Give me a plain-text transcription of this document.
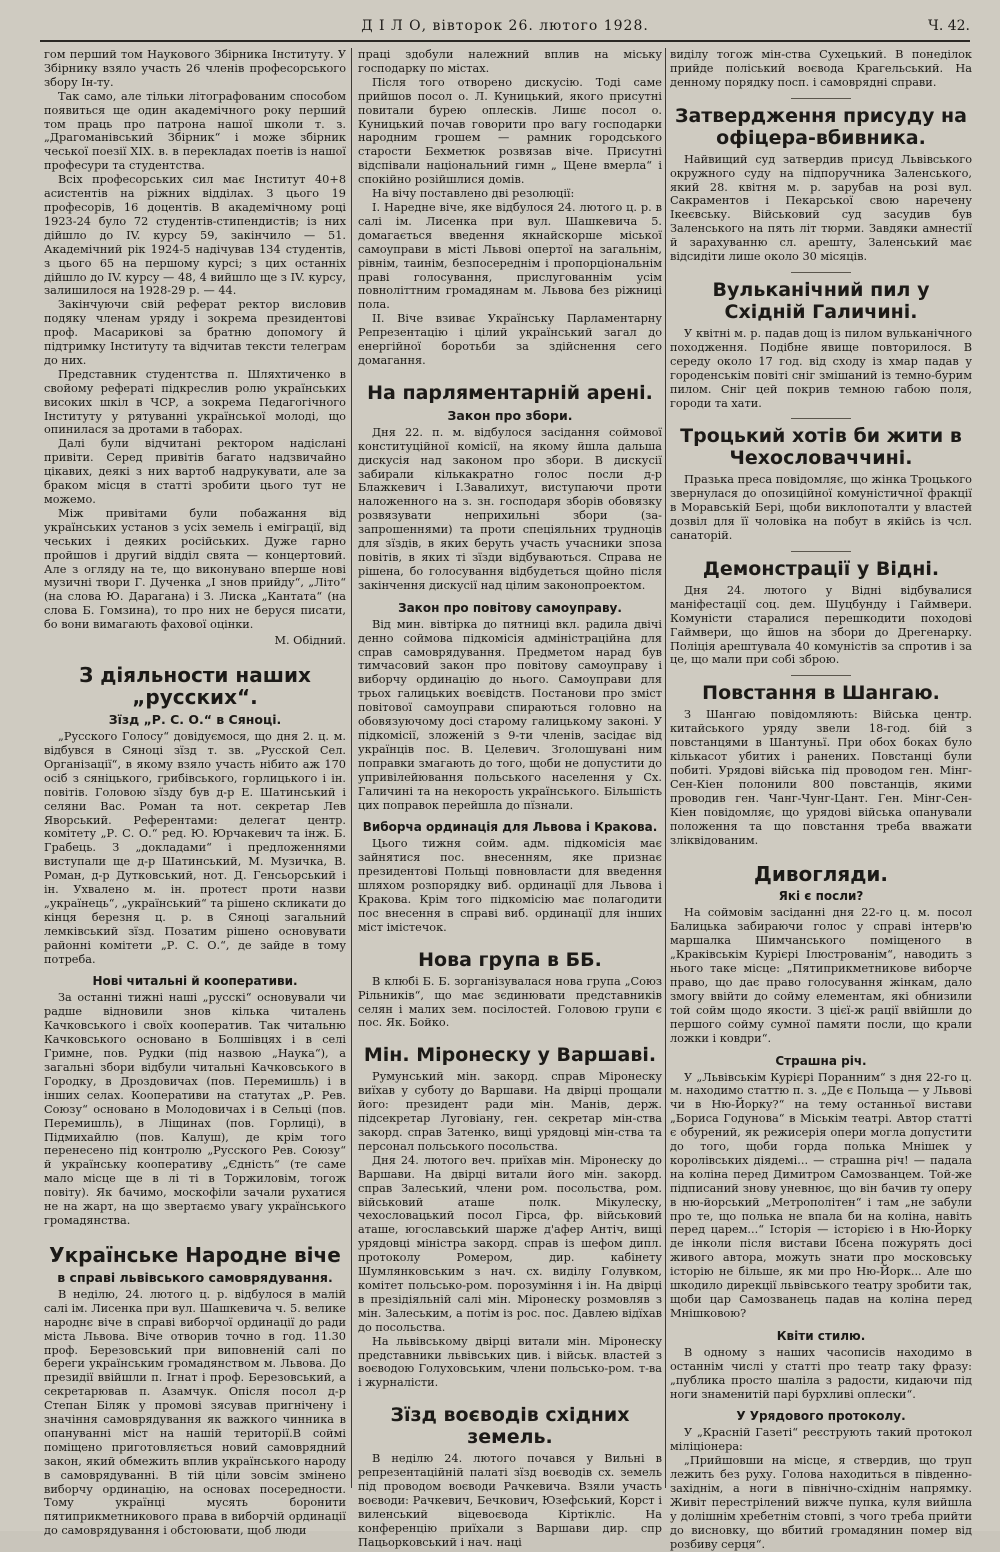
Д І Л О, вівторок 26. лютого 1928.	Ч. 42.

гом перший том Наукового Збірника Інституту. У Збірнику взяло участь 26 членів професорського збору Ін-ту.

Так само, але тільки літографованим способом появиться ще один академічного року перший том праць про патрона нашої школи т. з. „Драгоманівський Збірник“ і може збірник чеської поезії XIX. в. в перекладах поетів із нашої професури та студентства.

Всіх професорських сил має Інститут 40+8 асистентів на ріжних відділах. З цього 19 професорів, 16 доцентів. В академічному році 1923-24 було 72 студентів-стипендистів; із них дійшло до IV. курсу 59, закінчило — 51. Академічний рік 1924-5 надічував 134 студентів, з цього 65 на першому курсі; з цих останніх дійшло до IV. курсу — 48, 4 вийшло ще з IV. курсу, залишилося на 1928-29 р. — 44.

Закінчуючи свій реферат ректор висловив подяку членам уряду і зокрема президентові проф. Масарикові за братню допомогу й підтримку Інституту та відчитав тексти телеграм до них.

Представник студентства п. Шляхтиченко в свойому рефераті підкреслив ролю українських високих шкіл в ЧСР, а зокрема Педагогічного Інституту у рятуванні української молоді, що опинилася за дротами в таборах.

Далі були відчитані ректором надіслані привіти. Серед привітів багато надзвичайно цікавих, деякі з них вартоб надрукувати, але за браком місця в статті зробити цього тут не можемо.

Між привітами були побажання від українських установ з усіх земель і еміграції, від чеських і деяких російських. Дуже гарно пройшов і другий відділ свята — концертовий. Але з огляду на те, що виконувано вперше нові музичні твори Г. Дученка „І знов прийду“, „Літо“ (на слова Ю. Дарагана) і З. Лиска „Кантата“ (на слова Б. Гомзина), то про них не беруся писати, бо вони вимагають фахової оцінки.

М. Обідний.
З діяльности наших „русских“.
Зїзд „Р. С. О.“ в Сяноці.

„Русского Голосу“ довідуємося, що дня 2. ц. м. відбувся в Сяноці зїзд т. зв. „Русской Сел. Організації“, в якому взяло участь нібито аж 170 осіб з сяніцького, грибівського, горлицького і ін. повітів. Головою зїзду був д-р Е. Шатинський і селяни Вас. Роман та нот. секретар Лев Яворський. Референтами: делегат центр. комітету „Р. С. О.“ ред. Ю. Юрчакевич та інж. Б. Грабець. З „докладами“ і предложеннями виступали ще д-р Шатинський, М. Музичка, В. Роман, д-р Дутковський, нот. Д. Генсьорський і ін. Ухвалено м. ін. протест проти назви „українець“, „український“ та рішено скликати до кінця березня ц. р. в Сяноці загальний лемківський зїзд. Позатим рішено основувати районні комітети „Р. С. О.“, де зайде в тому потреба.

Нові читальні й кооперативи.

За останні тижні наші „русскі“ основували чи радше відновили знов кілька читалень Качковського і своїх кооператив. Так читальню Качковського основано в Болшівцях і в селі Гримне, пов. Рудки (під назвою „Наука“), а загальні збори відбули читальні Качковського в Городку, в Дроздовичах (пов. Перемишль) і в інших селах. Кооперативи на статутах „Р. Рев. Союзу“ основано в Молодовичах і в Сельці (пов. Перемишль), в Ліщинах (пов. Горлиці), в Підмихайлю (пов. Калуш), де крім того перенесено під контролю „Русского Рев. Союзу“ й українську кооперативу „Єдність“ (те саме мало місце ще в лі ті в Торжиловім, тогож повіту). Як бачимо, москофіли зачали рухатися не на жарт, на що звертаємо увагу українського громадянства.

Українське Народне віче
в справі львівського самоврядування.

В неділю, 24. лютого ц. р. відбулося в малій салі ім. Лисенка при вул. Шашкевича ч. 5. велике народнє віче в справі виборчої ординації до ради міста Львова. Віче отворив точно в год. 11.30 проф. Березовський при виповненій салі по береги українським громадянством м. Львова. До президії ввійшли п. Ігнат і проф. Березовський, а секретарював п. Азамчук. Опісля посол д-р Степан Біляк у промові зясував пригнічену і значіння самоврядування як важкого чинника в опануванні міст на нашій території.В соймі поміщено приготовляється новий самоврядний закон, який обмежить вплив українського народу в самоврядуванні. В тій ціли зовсім змінено виборчу ординацію, на основах посередности. Тому українці мусять боронити пятиприкметникового права в виборчій ординації до самоврядування і обстоювати, щоб люди

праці здобули належний вплив на міську господарку по містах.

Після того отворено дискусію. Тоді саме прийшов посол о. Л. Куницький, якого присутні повитали бурею оплесків. Лишє посол о. Куницький почав говорити про вагу господарки народним грошем — рамник городського старости Бехметюк розвязав віче. Присутні відспівали національний гимн „ Щене вмерла“ і спокійно розійшлися домів.

На вічу поставлено дві резолюції:

І. Наредне віче, яке відбулося 24. лютого ц. р. в салі ім. Лисенка при вул. Шашкевича 5. домагається введення якнайскорше міської самоуправи в місті Львові опертої на загальнім, рівнім, таинім, безпосереднім і пропорціональнім праві голосування, прислугованнім усім повноліттним громадянам м. Львова без ріжниці пола.

ІІ. Віче взиває Українську Парламентарну Репрезентацію і цілий український загал до енергійної боротьби за здійснення сего домагання.

На парляментарній арені.
Закон про збори.

Дня 22. п. м. відбулося засідання соймової конституційної комісії, на якому йшла дальша дискусія над законом про збори. В дискусії забирали кількакратно голос посли д-р Блажкевич і І.Завалихут, виступаючи проти наложенного на з. зн. господаря зборів обовязку розвязувати неприхильні збори (за- запрошеннями) та проти спеціяльних трудноців для зїздів, в яких беруть участь учасники зпоза повітів, в яких ті зїзди відбуваються. Справа не рішена, бо голосування відбудеться щойно після закінчення дискусії над цілим законопроектом.

Закон про повітову самоуправу.

Від мин. вівтірка до пятниці вкл. радила двічі денно соймова підкомісія адміністраційна для справ самоврядування. Предметом нарад був тимчасовий закон про повітову самоуправу і виборчу ординацію до нього. Самоупрaви для трьох галицьких воєвідств. Постанови про зміст повітової самоуправи спираються головно на обовязуючому досі старому галицькому законі. У підкомісії, зложеній з 9-ти членів, засідає від українців пос. В. Целевич. Зголошувані ним поправки змагають до того, щоби не допустити до упривілейювання польського населення у Сх. Галичині та на некорость українського. Більшість цих поправок перейшла до пїзнали.

Виборча ординація для Львова і Кракова.

Цього тижня сойм. адм. підкомісія має зайнятися пос. внесенням, яке признає президентові Польщі повновласти для введення шляхом розпорядку виб. ординації для Львова і Кракова. Крім того підкомісію має полагодити пос внесення в справі виб. ординації для інших міст імістечок.

Нова група в ББ.

В клюбі Б. Б. зорганізувалася нова група „Союз Рільників“, що має зєдинювати представників селян і малих зем. посілостей. Головою групи є пос. Як. Бойко.

Мін. Міронеску у Варшаві.

Румунський мін. закорд. справ Міронеску виїхав у суботу до Варшави. На двірці прощали його: президент ради мін. Манів, держ. підсекретар Луговіану, ген. секретар мін-ства закорд. справ Затенко, вищі урядовці мін-ства та персонал польського посольства.

Дня 24. лютого веч. приїхав мін. Міронеску до Варшави. На двірці витали його мін. закорд. справ Залеський, члени ром. посольства, ром. військовий аташе полк. Мікулеску, чехословацький посол Гірса, фр. військовий аташе, югославський шарже д'афер Антіч, вищі урядовці міністра закорд. справ із шефом дипл. протоколу Ромером, дир. кабінету Шумлянковським з нач. сх. виділу Голувком, комітет польсько-ром. порозуміння і ін. На двірці в презідіяльній салі мін. Міронеску розмовляв з мін. Залеським, а потім із рос. пос. Давлею відїхав до посольства.

На львівському двірці витали мін. Міронеску представники львівських цив. і військ. властей з воєводою Голуховським, члени польсько-ром. т-ва і журналісти.

Зїзд воєводів східних земель.

В неділю 24. лютого почався у Вильні в репрезентаційній палаті зїзд воєводів сх. земель під проводом воєводи Рачкевича. Взяли участь воєводи: Рачкевич, Бечкович, Юзефський, Корст і виленський віцевоєвода Кіртікліс. На конференцію приїхали з Варшави дир. спр Пацьорковський і нач. наці

виділу тогож мін-ства Сухецький. В понеділок прийде поліський воєвода Крагельський. На денному порядку посп. і самоврядні справи.

Затвердження присуду на офіцера-вбивника.

Найвищий суд затвердив присуд Львівського окружного суду на підпоручника Заленського, який 28. квітня м. р. зарубав на розі вул. Сакраментов і Пекарської свою наречену Ікеєвську. Військовий суд засудив був Заленського на пять літ тюрми. Завдяки амнестії й зарахуванню сл. арешту, Заленський має відсидіти лише около 30 місяців.

Вульканічний пил у Східній Галичині.

У квітні м. р. падав дощ із пилом вульканічного походження. Подібне явище повторилося. В середу около 17 год. від сходу із хмар падав у городенськім повіті сніг змішаний із темно-бурим пилом. Сніг цей покрив темною габою поля, городи та хати.

Троцький хотів би жити в Чехословаччині.

Празька преса повідомляє, що жінка Троцького звернулася до опозиційної комуністичної фракції в Моравській Бері, щоби виклопоталти у властей дозвіл для її чоловіка на побут в якійсь із чсл. санаторій.

Демонстрації у Відні.

Дня 24. лютого у Відні відбувалися маніфестації соц. дем. Шуцбунду і Гаймвери. Комуністи старалися перешкодити походові Гаймвери, що йшов на збори до Дрегенарку. Поліція арештувала 40 комуністів за спротив і за це, що мали при собі зброю.

Повстання в Шангаю.

З Шангаю повідомляють: Війська центр. китайського уряду звели 18-год. бій з повстанцями в Шантуньї. При обох боках було кількасот убитих і ранених. Повстанці були побиті. Урядові війська під проводом ген. Мінг-Сен-Кіен полонили 800 повстанців, якими проводив ген. Чанг-Чунг-Цант. Ген. Мінг-Сен-Кіен повідомляє, що урядові війська опанували положення та що повстання треба вважати зліквідованим.

Дивогляди.
Які є посли?

На соймовім засіданні дня 22-го ц. м. посол Балицька забираючи голос у справі інтерв'ю маршалка Шимчанського поміщеного в „Краківськім Курієрі Ілюстрованім“, наводить з нього таке місце: „Пятиприкметникове виборче право, що дає право голосування жінкам, дало змогу ввійти до сойму елементам, які обнизили той сойм щодо якости. З цієї-ж рації ввійшли до першого сойму сумної памяти посли, що крали ложки і ковдри“.

Страшна річ.

У „Львівськім Курієрі Поранним“ з дня 22-го ц. м. находимо статтю п. з. „Де є Польща — у Львові чи в Ню-Йорку?“ на тему останньої вистави „Бориса Годунова“ в Міськім театрі. Автор статті є обурений, як режисерія опери могла допустити до того, щоби горда полька Мнішек у королівських діядемі... — страшна річ! — падала на коліна перед Димитром Самозванцем. Той-же підписаний знову уневнює, що він бачив ту оперу в ню-йорський „Метрополітен“ і там „не забули про те, що полька не впала би на коліна, навіть перед царем...“ Історія — історією і в Ню-Йорку де інколи після вистави Ібсена пожурять досі живого автора, можуть знати про московську історію не більше, як ми про Ню-Йорк... Але шо шкодило дирекції львівського театру зробити так, щоби цар Самозванець падав на коліна перед Мнішковою?

Квіти стилю.

В одному з наших часописів находимо в останнім числі у статті про театр таку фразу: „публика просто шаліла з радости, кидаючи під ноги знаменитій парі бурхливі оплески“.

У Урядового протоколу.

У „Красній Газеті“ реєструють такий протокол міліціонера:

„Прийшовши на місце, я ствердив, що труп лежить без руху. Голова находиться в південно-західнім, а ноги в північно-східнім напрямку. Живіт перестрілений вижче пупка, куля вийшла у долішнім хребетнім стовпі, з чого треба прийти до висновку, що вбитий громадянин помер від розбиву серця“.
